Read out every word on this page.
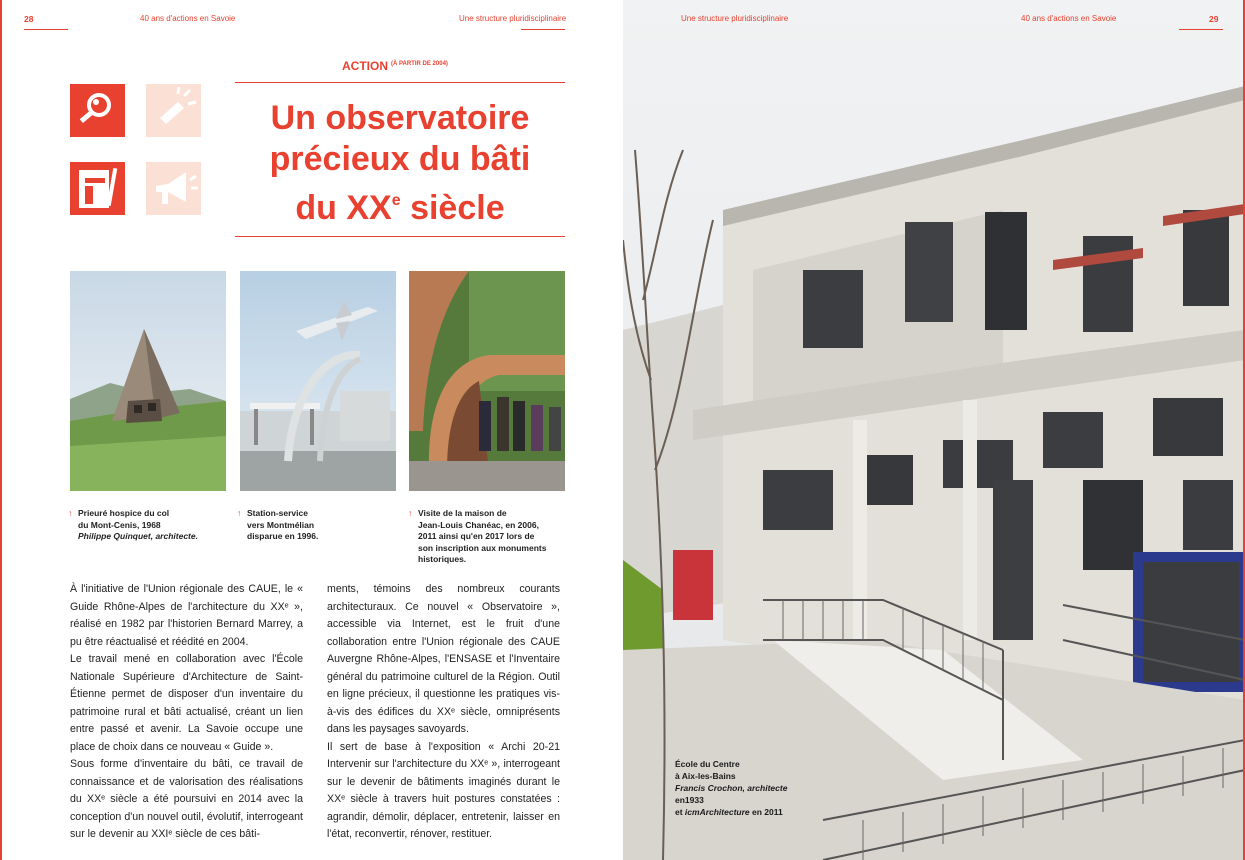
28	40 ans d'actions en Savoie	Une structure pluridisciplinaire
ACTION $^{(À PARTIR DE 2004)}$
Un observatoire
précieux du bâti
du XXe siècle
↑ Prieuré hospice du col
du Mont-Cenis, 1968
Philippe Quinquet, architecte.
↑ Station-service
vers Montmélian
disparue en 1996.
↑ Visite de la maison de
Jean-Louis Chanéac, en 2006,
2011 ainsi qu'en 2017 lors de
son inscription aux monuments
historiques.

À l'initiative de l'Union régionale des CAUE, le « Guide Rhône-Alpes de l'architecture du XXᵉ », réalisé en 1982 par l'historien Bernard Marrey, a pu être réactualisé et réédité en 2004.

Le travail mené en collaboration avec l'École Nationale Supérieure d'Architecture de Saint-Étienne permet de disposer d'un inventaire du patrimoine rural et bâti actualisé, créant un lien entre passé et avenir. La Savoie occupe une place de choix dans ce nouveau « Guide ».

Sous forme d'inventaire du bâti, ce travail de connaissance et de valorisation des réalisations du XXᵉ siècle a été poursuivi en 2014 avec la conception d'un nouvel outil, évolutif, interrogeant sur le devenir au XXIᵉ siècle de ces bâti-

ments, témoins des nombreux courants architecturaux. Ce nouvel « Observatoire », accessible via Internet, est le fruit d'une collaboration entre l'Union régionale des CAUE Auvergne Rhône-Alpes, l'ENSASE et l'Inventaire général du patrimoine culturel de la Région. Outil en ligne précieux, il questionne les pratiques vis-à-vis des édifices du XXᵉ siècle, omniprésents dans les paysages savoyards.

Il sert de base à l'exposition « Archi 20-21 Intervenir sur l'architecture du XXᵉ », interrogeant sur le devenir de bâtiments imaginés durant le XXᵉ siècle à travers huit postures constatées : agrandir, démolir, déplacer, entretenir, laisser en l'état, reconvertir, rénover, restituer.

Une structure pluridisciplinaire	40 ans d'actions en Savoie	29
École du Centre
à Aix-les-Bains
Francis Crochon, architecte
en1933
et icmArchitecture en 2011
